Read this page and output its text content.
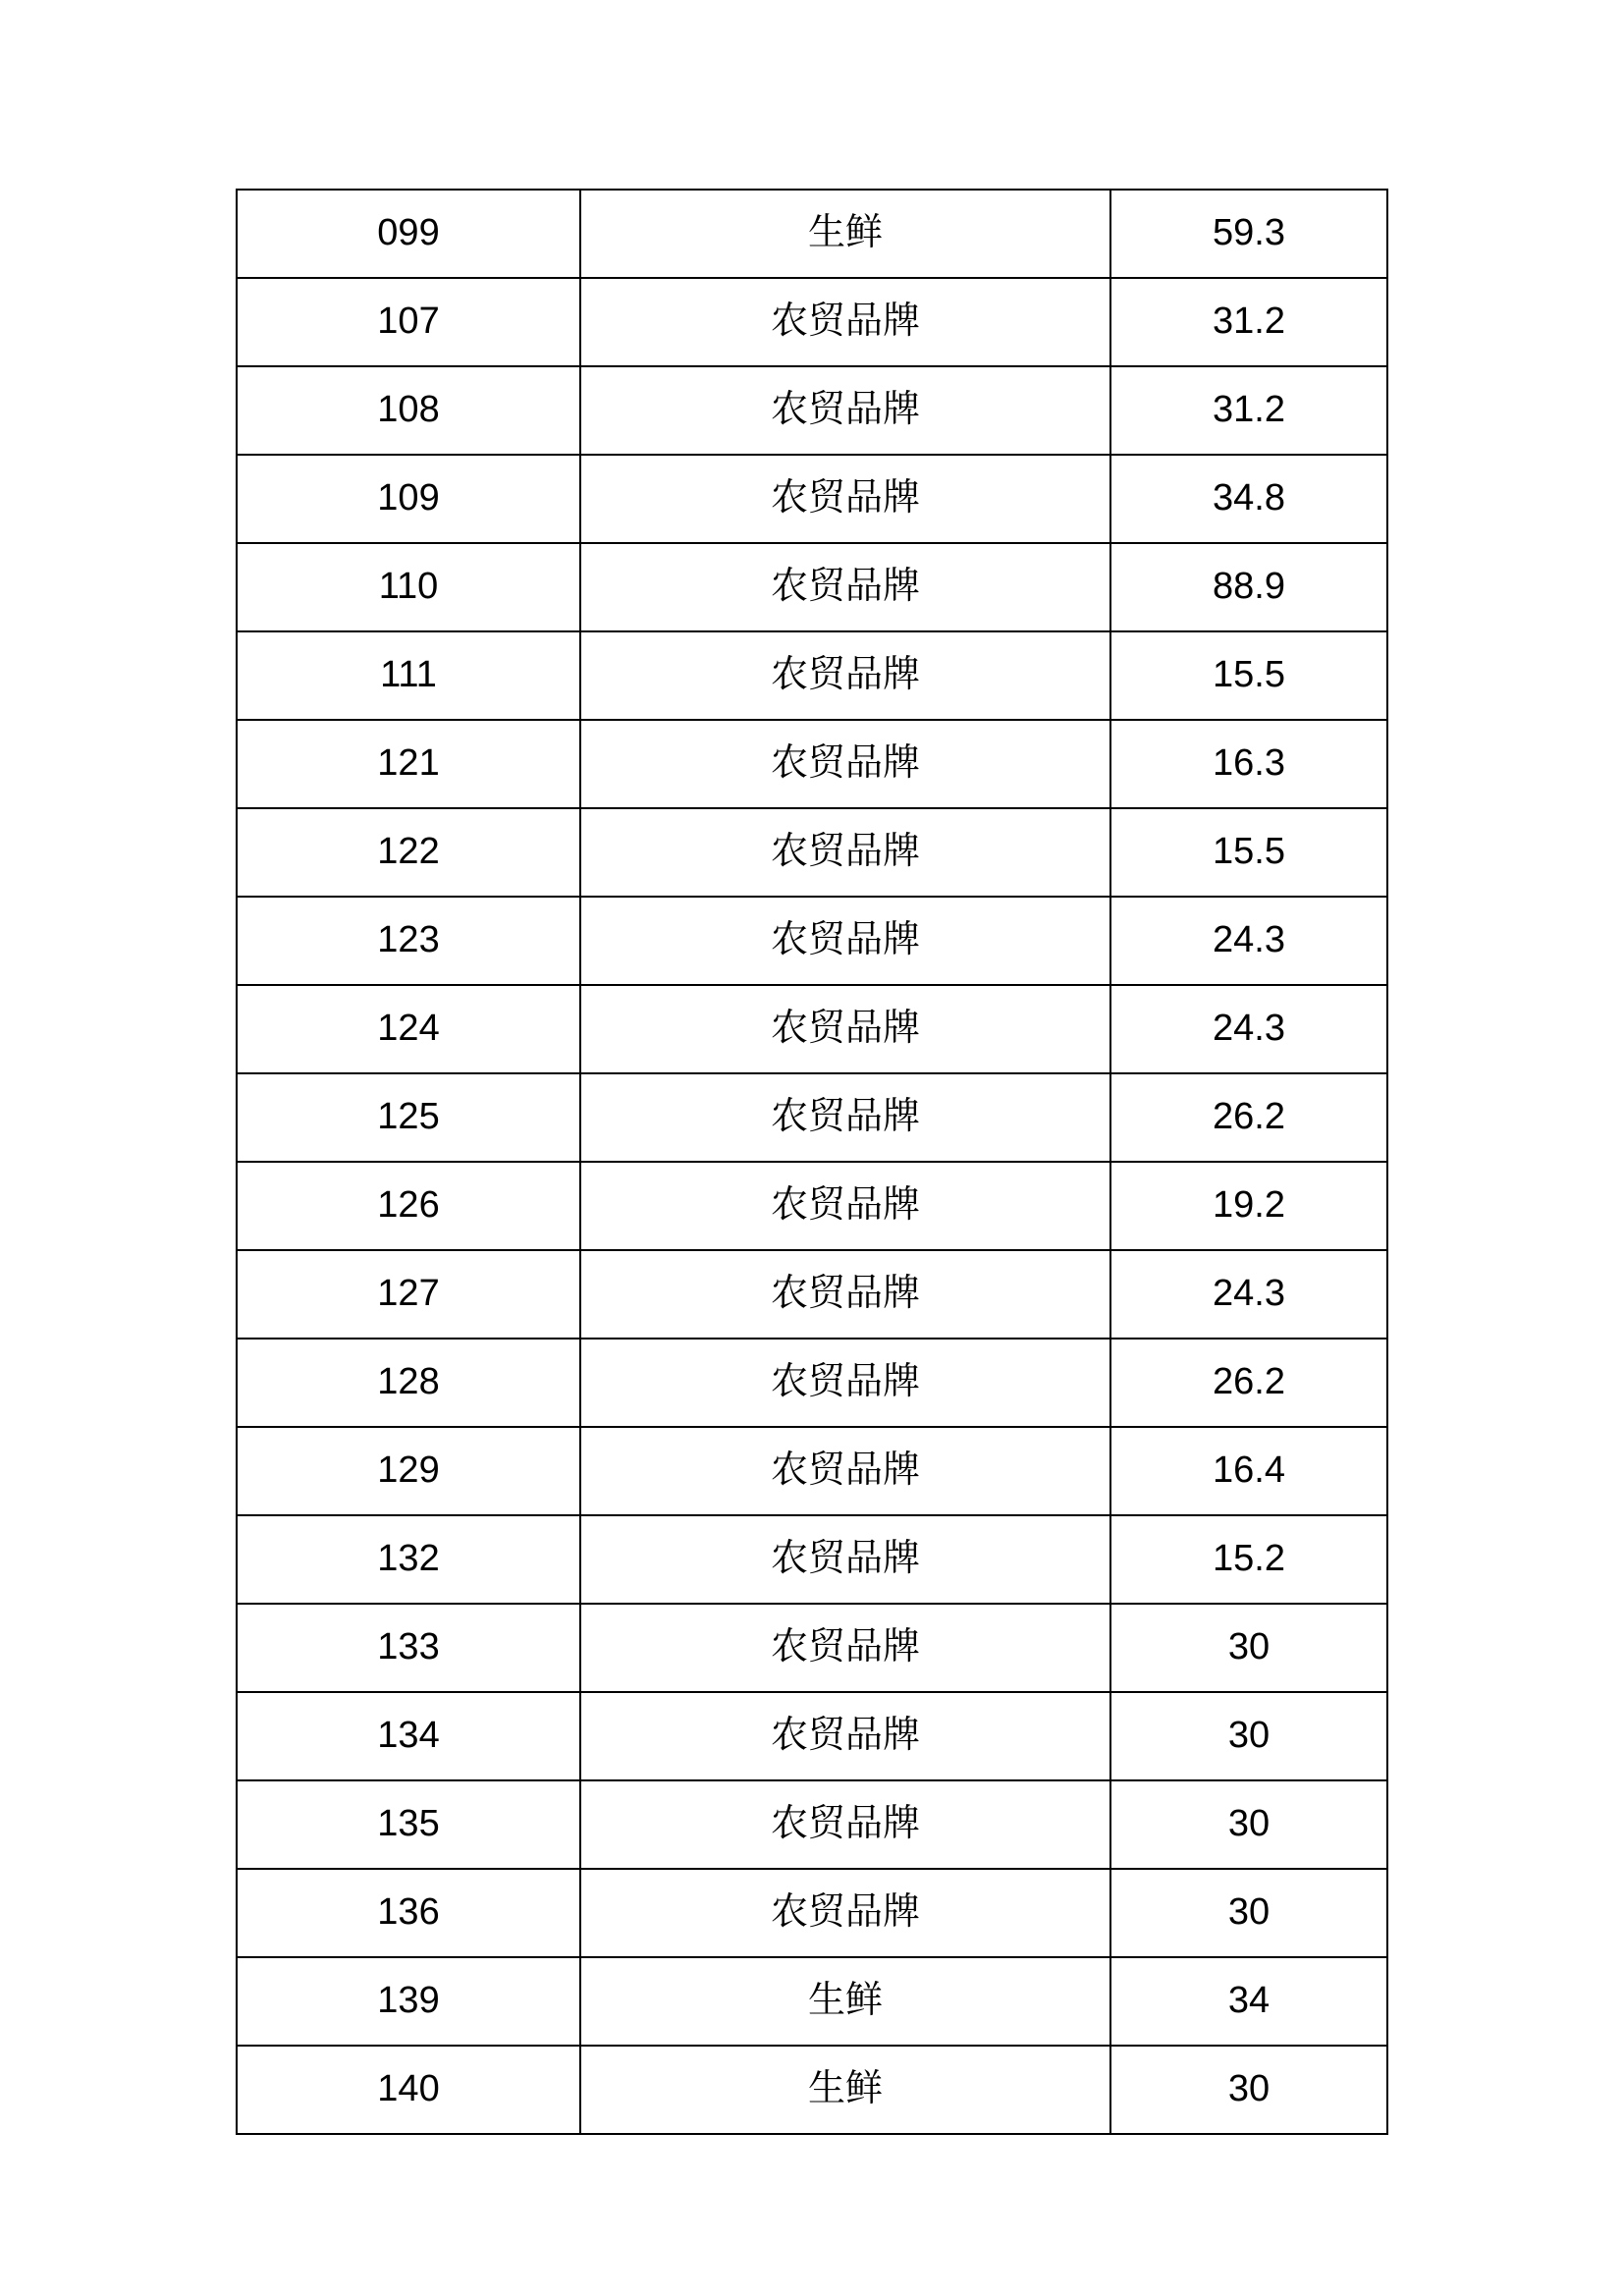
099	生鲜	59.3
107	农贸品牌	31.2
108	农贸品牌	31.2
109	农贸品牌	34.8
110	农贸品牌	88.9
111	农贸品牌	15.5
121	农贸品牌	16.3
122	农贸品牌	15.5
123	农贸品牌	24.3
124	农贸品牌	24.3
125	农贸品牌	26.2
126	农贸品牌	19.2
127	农贸品牌	24.3
128	农贸品牌	26.2
129	农贸品牌	16.4
132	农贸品牌	15.2
133	农贸品牌	30
134	农贸品牌	30
135	农贸品牌	30
136	农贸品牌	30
139	生鲜	34
140	生鲜	30
